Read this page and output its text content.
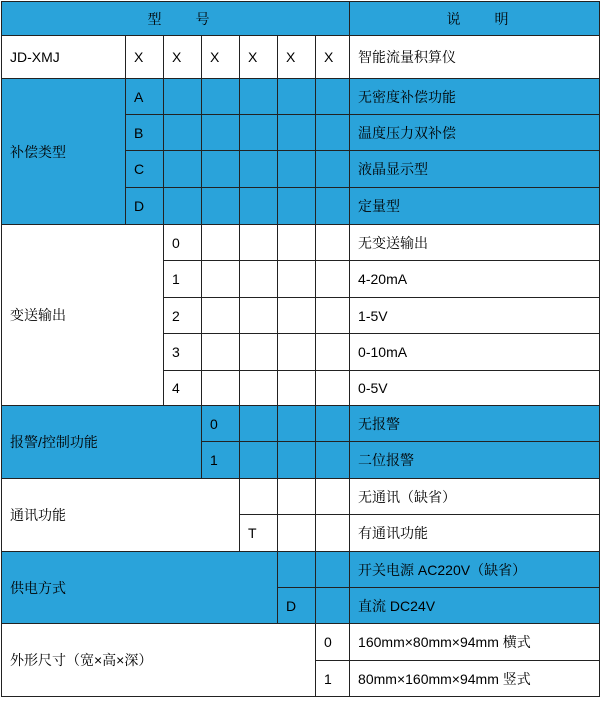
型　　号							说　　明
JD-XMJ	X	X	X	X	X	X	智能流量积算仪
补偿类型	A						无密度补偿功能
	B						温度压力双补偿
	C						液晶显示型
	D						定量型
变送输出		0					无变送输出
		1					4-20mA
		2					1-5V
		3					0-10mA
		4					0-5V
报警/控制功能			0				无报警
			1				二位报警
通讯功能							无通讯（缺省）
				T			有通讯功能
供电方式							开关电源 AC220V（缺省）
					D		直流 DC24V
外形尺寸（宽×高×深）						0	160mm×80mm×94mm 横式
						1	80mm×160mm×94mm 竖式
